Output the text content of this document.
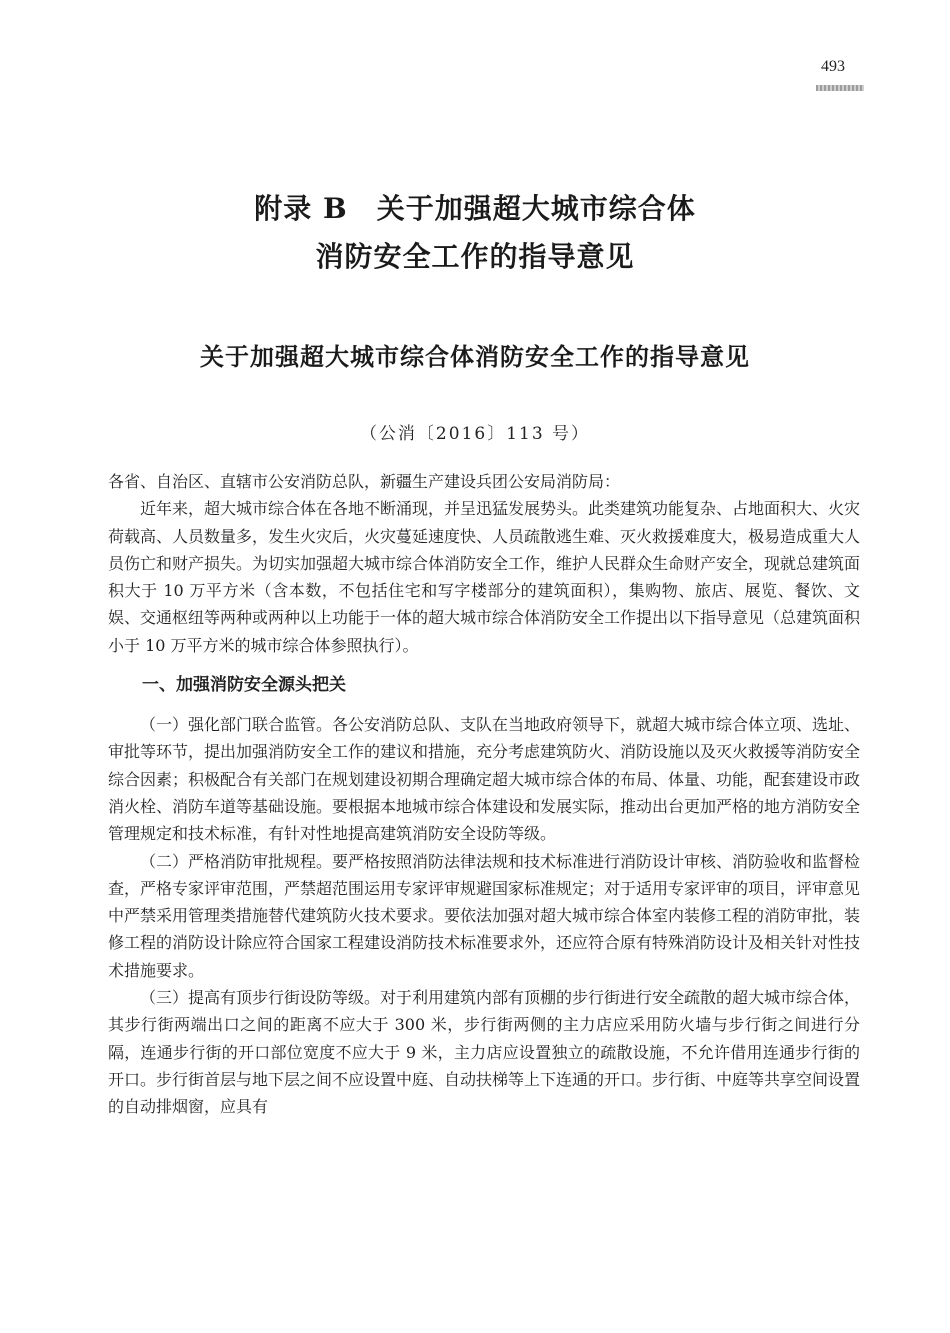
493
附录 B　关于加强超大城市综合体
消防安全工作的指导意见
关于加强超大城市综合体消防安全工作的指导意见
（公消〔2016〕113 号）

各省、自治区、直辖市公安消防总队，新疆生产建设兵团公安局消防局：

近年来，超大城市综合体在各地不断涌现，并呈迅猛发展势头。此类建筑功能复杂、占地面积大、火灾荷载高、人员数量多，发生火灾后，火灾蔓延速度快、人员疏散逃生难、灭火救援难度大，极易造成重大人员伤亡和财产损失。为切实加强超大城市综合体消防安全工作，维护人民群众生命财产安全，现就总建筑面积大于 10 万平方米（含本数，不包括住宅和写字楼部分的建筑面积），集购物、旅店、展览、餐饮、文娱、交通枢纽等两种或两种以上功能于一体的超大城市综合体消防安全工作提出以下指导意见（总建筑面积小于 10 万平方米的城市综合体参照执行）。

一、加强消防安全源头把关

（一）强化部门联合监管。各公安消防总队、支队在当地政府领导下，就超大城市综合体立项、选址、审批等环节，提出加强消防安全工作的建议和措施，充分考虑建筑防火、消防设施以及灭火救援等消防安全综合因素；积极配合有关部门在规划建设初期合理确定超大城市综合体的布局、体量、功能，配套建设市政消火栓、消防车道等基础设施。要根据本地城市综合体建设和发展实际，推动出台更加严格的地方消防安全管理规定和技术标准，有针对性地提高建筑消防安全设防等级。

（二）严格消防审批规程。要严格按照消防法律法规和技术标准进行消防设计审核、消防验收和监督检查，严格专家评审范围，严禁超范围运用专家评审规避国家标准规定；对于适用专家评审的项目，评审意见中严禁采用管理类措施替代建筑防火技术要求。要依法加强对超大城市综合体室内装修工程的消防审批，装修工程的消防设计除应符合国家工程建设消防技术标准要求外，还应符合原有特殊消防设计及相关针对性技术措施要求。

（三）提高有顶步行街设防等级。对于利用建筑内部有顶棚的步行街进行安全疏散的超大城市综合体，其步行街两端出口之间的距离不应大于 300 米，步行街两侧的主力店应采用防火墙与步行街之间进行分隔，连通步行街的开口部位宽度不应大于 9 米，主力店应设置独立的疏散设施，不允许借用连通步行街的开口。步行街首层与地下层之间不应设置中庭、自动扶梯等上下连通的开口。步行街、中庭等共享空间设置的自动排烟窗，应具有
